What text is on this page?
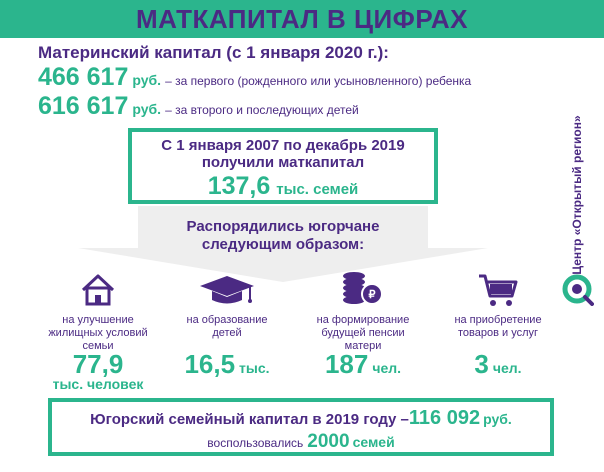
МАТКАПИТАЛ В ЦИФРАХ
Материнский капитал (с 1 января 2020 г.):
466 617 руб. – за первого (рожденного или усыновленного) ребенка
616 617 руб. – за второго и последующих детей
С 1 января 2007 по декабрь 2019
получили маткапитал
137,6 тыс. семей
Распорядились югорчане
следующим образом:
на улучшение
жилищных условий
семьи
77,9
тыс. человек
на образование
детей
16,5 тыс.
₽
на формирование
будущей пенсии
матери
187 чел.
на приобретение
товаров и услуг
3 чел.
Югорский семейный капитал в 2019 году –116 092 руб.
воспользовались 2000 семей
Центр «Открытый регион»
